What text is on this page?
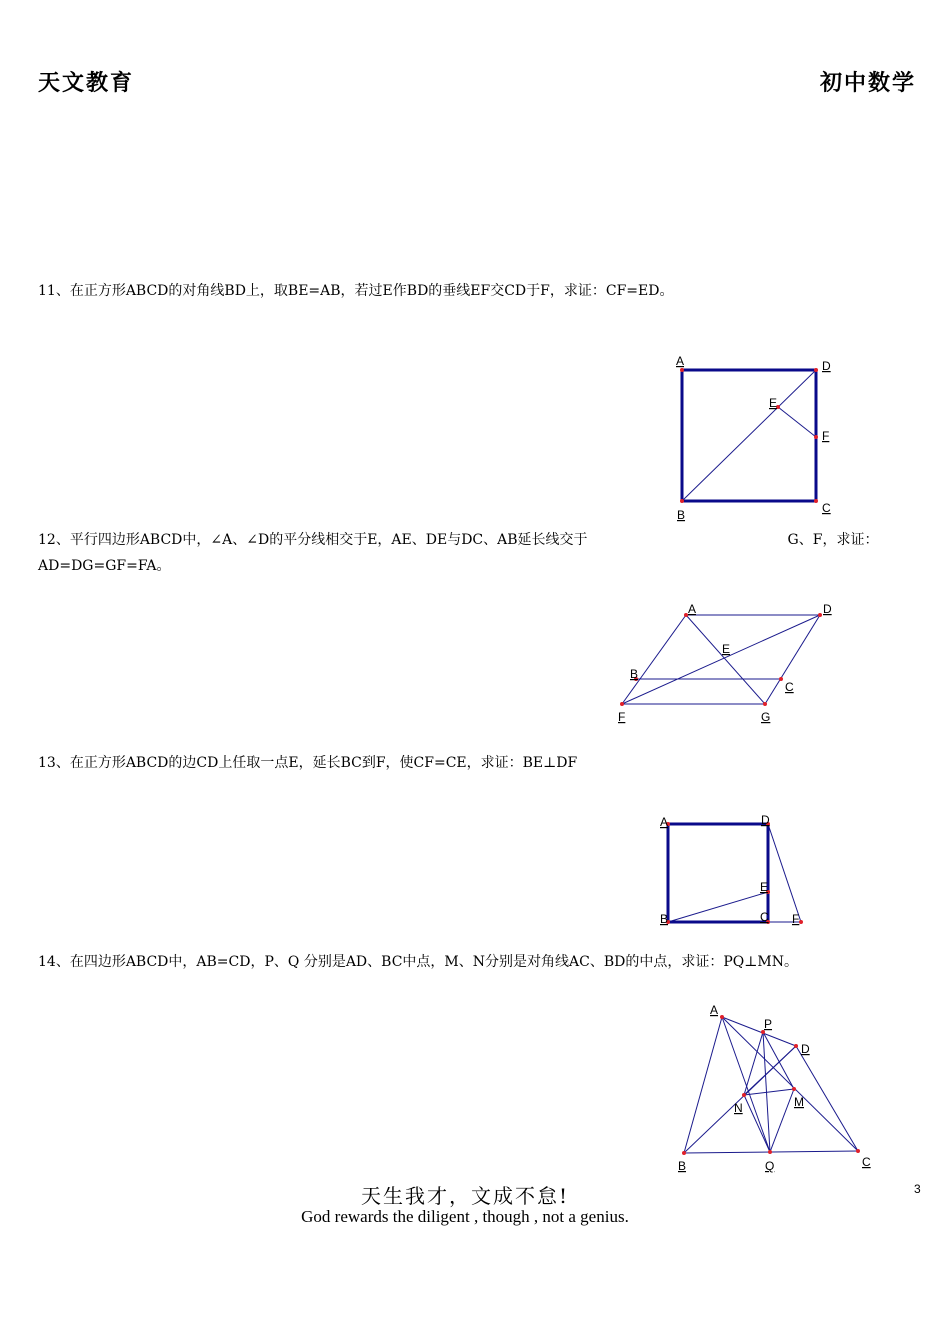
天文教育	初中数学
11、在正方形ABCD的对角线BD上，取BE=AB，若过E作BD的垂线EF交CD于F，求证：CF=ED。
A	D
E
F
B	C
12、平行四边形ABCD中，∠A、∠D的平分线相交于E，AE、DE与DC、AB延长线交于	G、F，求证：AD=DG=GF=FA。
A	D
E
B
C
F	G
13、在正方形ABCD的边CD上任取一点E，延长BC到F，使CF=CE，求证：BE⊥DF
A	D
E
B	C F
14、在四边形ABCD中，AB=CD，P、Q 分别是AD、BC中点，M、N分别是对角线AC、BD的中点，求证：PQ⊥MN。
A
P
D
N	M
B	Q	C
天生我才，文成不怠!
God rewards the diligent , though , not a genius.
3
